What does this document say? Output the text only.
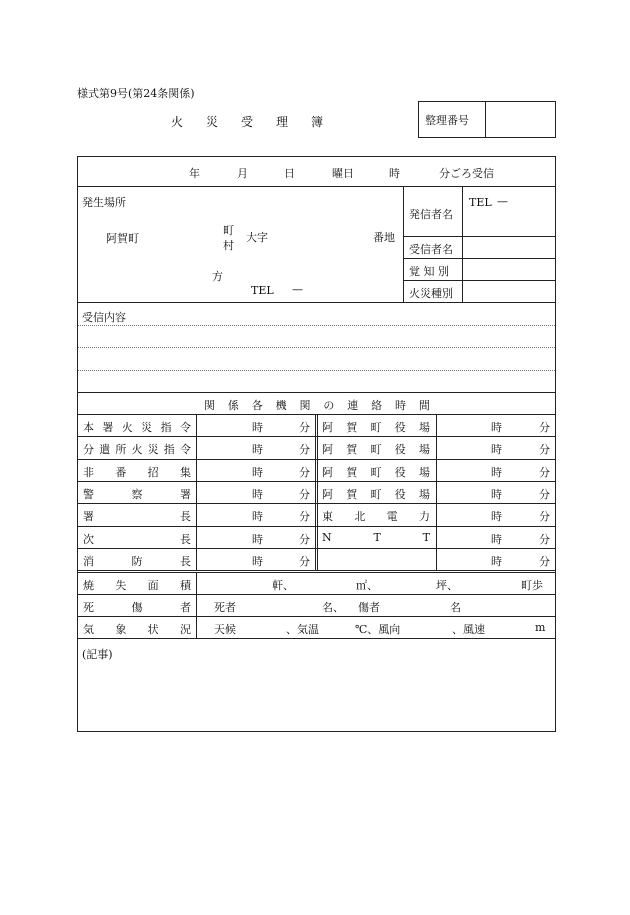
様式第9号(第24条関係)
火 災 受 理 簿	整理番号
年	月	日	曜日	時	分ごろ受信
発生場所
阿賀町
町
村
大字	番地
方
TEL —
発信者名
TEL —
受信者名
覚 知 別
火災種別
受信内容
関 係 各 機 関 の 連 絡 時 間
本 署 火 災 指 令	時	分 阿 賀 町 役 場	時	分
分 遣 所 火 災 指 令	時	分 阿 賀 町 役 場	時	分
非 番 招 集	時	分 阿 賀 町 役 場	時	分
警	察	署	時	分 阿 賀 町 役 場	時	分
署	長	時	分 東 北 電 力	時	分
次	長	時	分 N	T	T	時	分
消	防	長	時	分	時	分
焼 失 面 積	軒、	㎡、	坪、	町歩
死	傷	者 死者	名、 傷者	名
気 象 状 況 天候	、気温	℃、風向	、風速	m
(記事)
